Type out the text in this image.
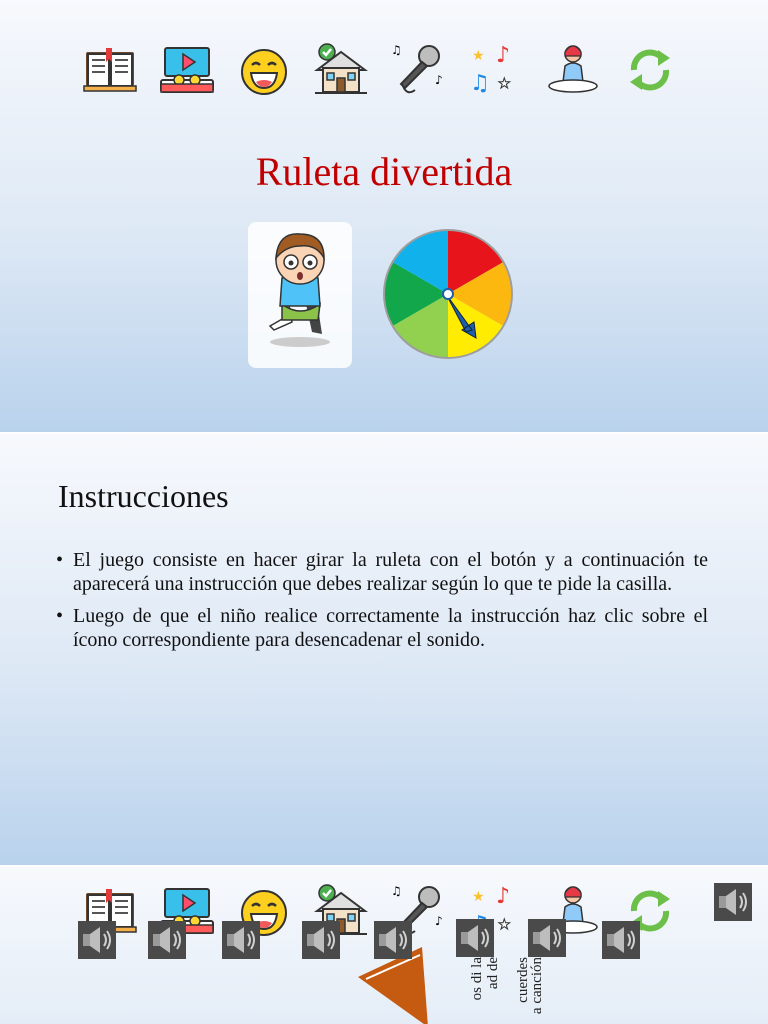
♫
♪
♪
♫
★
★
Ruleta divertida
Instrucciones
• El juego consiste en hacer girar la ruleta con el botón y a continuación te aparecerá una instrucción que debes realizar según lo que te pide la casilla.
• Luego de que el niño realice correctamente la instrucción haz clic sobre el ícono correspondiente para desencadenar el sonido.
♫
♪
♪
★
★
os di la ad de cuerdes
a canción
